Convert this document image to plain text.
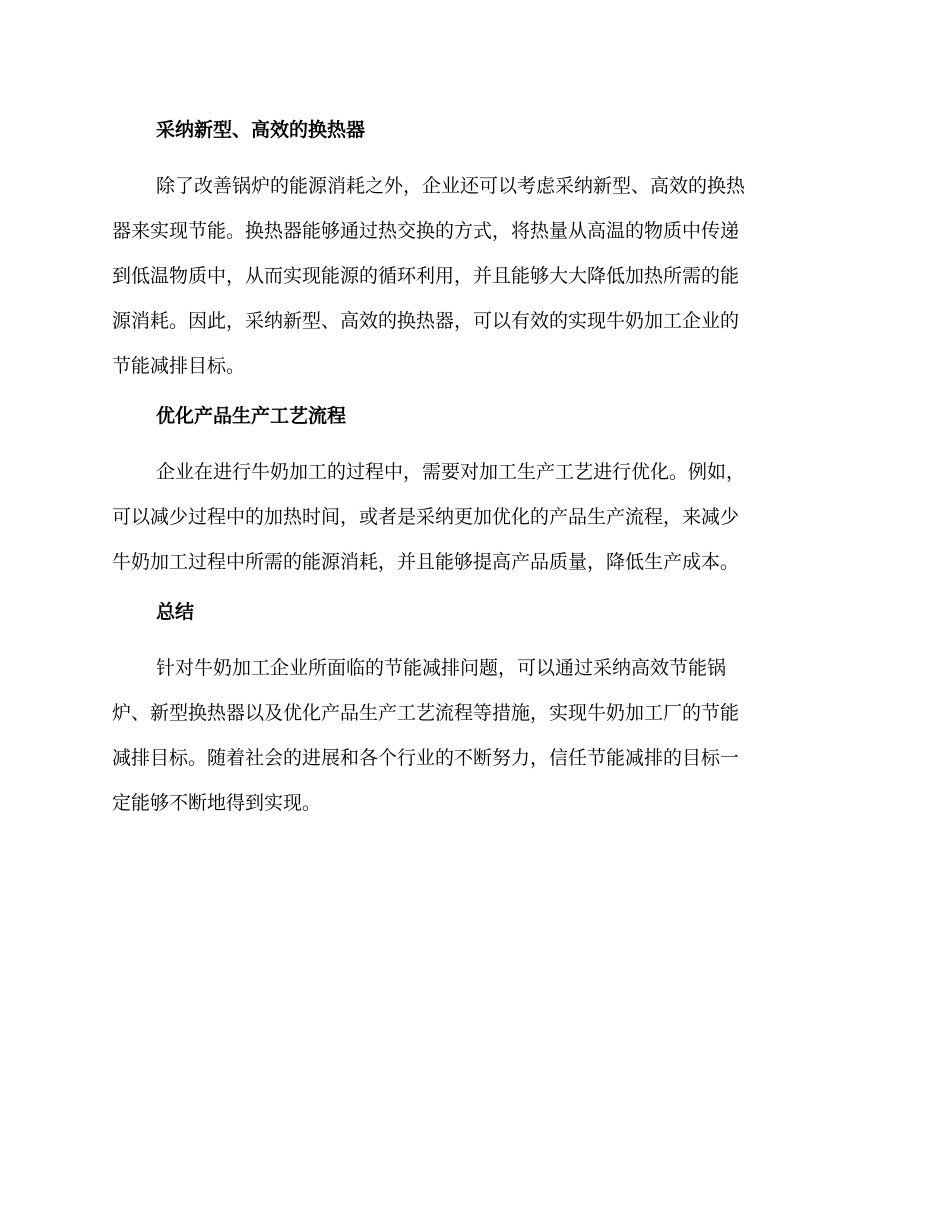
采纳新型、高效的换热器

除了改善锅炉的能源消耗之外，企业还可以考虑采纳新型、高效的换热
器来实现节能。换热器能够通过热交换的方式，将热量从高温的物质中传递
到低温物质中，从而实现能源的循环利用，并且能够大大降低加热所需的能
源消耗。因此，采纳新型、高效的换热器，可以有效的实现牛奶加工企业的
节能减排目标。

优化产品生产工艺流程

企业在进行牛奶加工的过程中，需要对加工生产工艺进行优化。例如，
可以减少过程中的加热时间，或者是采纳更加优化的产品生产流程，来减少
牛奶加工过程中所需的能源消耗，并且能够提高产品质量，降低生产成本。

总结

针对牛奶加工企业所面临的节能减排问题，可以通过采纳高效节能锅
炉、新型换热器以及优化产品生产工艺流程等措施，实现牛奶加工厂的节能
减排目标。随着社会的进展和各个行业的不断努力，信任节能减排的目标一
定能够不断地得到实现。
